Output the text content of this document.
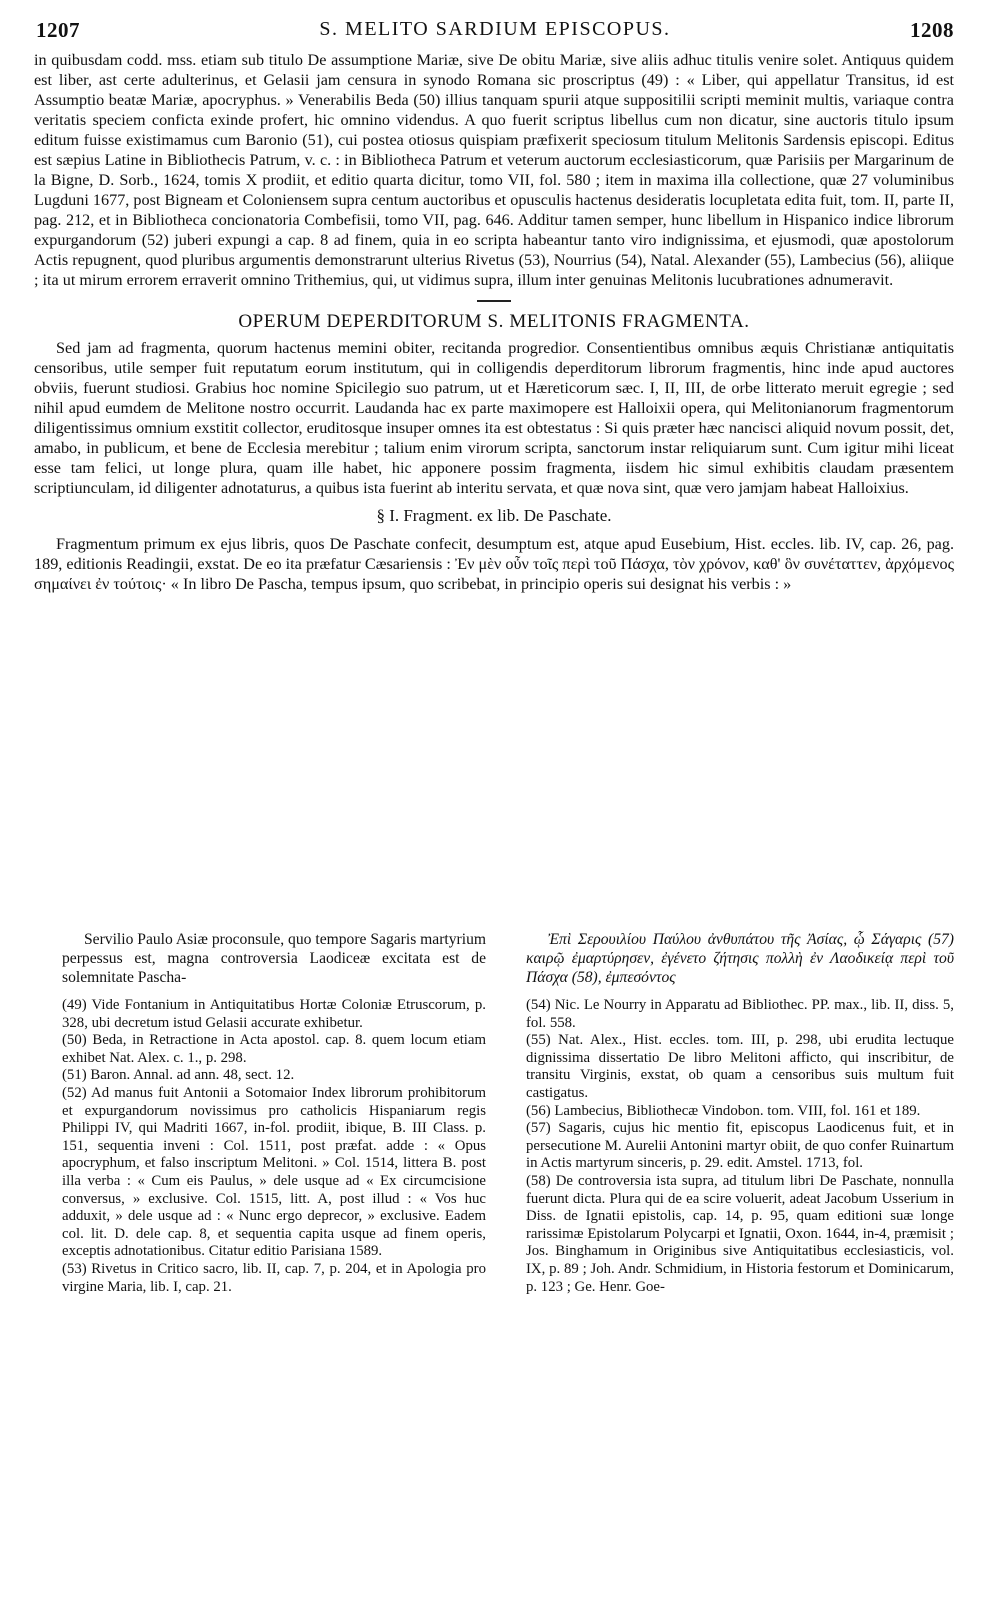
1207	S. MELITO SARDIUM EPISCOPUS.	1208

in quibusdam codd. mss. etiam sub titulo De assumptione Mariæ, sive De obitu Mariæ, sive aliis adhuc titulis venire solet. Antiquus quidem est liber, ast certe adulterinus, et Gelasii jam censura in synodo Romana sic proscriptus (49) : « Liber, qui appellatur Transitus, id est Assumptio beatæ Mariæ, apocryphus. » Venerabilis Beda (50) illius tanquam spurii atque suppositilii scripti meminit multis, variaque contra veritatis speciem conficta exinde profert, hic omnino videndus. A quo fuerit scriptus libellus cum non dicatur, sine auctoris titulo ipsum editum fuisse existimamus cum Baronio (51), cui postea otiosus quispiam præfixerit speciosum titulum Melitonis Sardensis episcopi. Editus est sæpius Latine in Bibliothecis Patrum, v. c. : in Bibliotheca Patrum et veterum auctorum ecclesiasticorum, quæ Parisiis per Margarinum de la Bigne, D. Sorb., 1624, tomis X prodiit, et editio quarta dicitur, tomo VII, fol. 580 ; item in maxima illa collectione, quæ 27 voluminibus Lugduni 1677, post Bigneam et Coloniensem supra centum auctoribus et opusculis hactenus desideratis locupletata edita fuit, tom. II, parte II, pag. 212, et in Bibliotheca concionatoria Combefisii, tomo VII, pag. 646. Additur tamen semper, hunc libellum in Hispanico indice librorum expurgandorum (52) juberi expungi a cap. 8 ad finem, quia in eo scripta habeantur tanto viro indignissima, et ejusmodi, quæ apostolorum Actis repugnent, quod pluribus argumentis demonstrarunt ulterius Rivetus (53), Nourrius (54), Natal. Alexander (55), Lambecius (56), aliique ; ita ut mirum errorem erraverit omnino Trithemius, qui, ut vidimus supra, illum inter genuinas Melitonis lucubrationes adnumeravit.

OPERUM DEPERDITORUM S. MELITONIS FRAGMENTA.

Sed jam ad fragmenta, quorum hactenus memini obiter, recitanda progredior. Consentientibus omnibus æquis Christianæ antiquitatis censoribus, utile semper fuit reputatum eorum institutum, qui in colligendis deperditorum librorum fragmentis, hinc inde apud auctores obviis, fuerunt studiosi. Grabius hoc nomine Spicilegio suo patrum, ut et Hæreticorum sæc. I, II, III, de orbe litterato meruit egregie ; sed nihil apud eumdem de Melitone nostro occurrit. Laudanda hac ex parte maximopere est Halloixii opera, qui Melitonianorum fragmentorum diligentissimus omnium exstitit collector, eruditosque insuper omnes ita est obtestatus : Si quis præter hæc nancisci aliquid novum possit, det, amabo, in publicum, et bene de Ecclesia merebitur ; talium enim virorum scripta, sanctorum instar reliquiarum sunt. Cum igitur mihi liceat esse tam felici, ut longe plura, quam ille habet, hic apponere possim fragmenta, iisdem hic simul exhibitis claudam præsentem scriptiunculam, id diligenter adnotaturus, a quibus ista fuerint ab interitu servata, et quæ nova sint, quæ vero jamjam habeat Halloixius.

§ I. Fragment. ex lib. De Paschate.

Fragmentum primum ex ejus libris, quos De Paschate confecit, desumptum est, atque apud Eusebium, Hist. eccles. lib. IV, cap. 26, pag. 189, editionis Readingii, exstat. De eo ita præfatur Cæsariensis : Ἐν μὲν οὖν τοῖς περὶ τοῦ Πάσχα, τὸν χρόνον, καθ' ὃν συνέταττεν, ἀρχόμενος σημαίνει ἐν τούτοις· « In libro De Pascha, tempus ipsum, quo scribebat, in principio operis sui designat his verbis : »

Servilio Paulo Asiæ proconsule, quo tempore Sagaris martyrium perpessus est, magna controversia Laodiceæ excitata est de solemnitate Pascha-

(49) Vide Fontanium in Antiquitatibus Hortæ Coloniæ Etruscorum, p. 328, ubi decretum istud Gelasii accurate exhibetur.

(50) Beda, in Retractione in Acta apostol. cap. 8. quem locum etiam exhibet Nat. Alex. c. 1., p. 298.

(51) Baron. Annal. ad ann. 48, sect. 12.

(52) Ad manus fuit Antonii a Sotomaior Index librorum prohibitorum et expurgandorum novissimus pro catholicis Hispaniarum regis Philippi IV, qui Madriti 1667, in-fol. prodiit, ibique, B. III Class. p. 151, sequentia inveni : Col. 1511, post præfat. adde : « Opus apocryphum, et falso inscriptum Melitoni. » Col. 1514, littera B. post illa verba : « Cum eis Paulus, » dele usque ad « Ex circumcisione conversus, » exclusive. Col. 1515, litt. A, post illud : « Vos huc adduxit, » dele usque ad : « Nunc ergo deprecor, » exclusive. Eadem col. lit. D. dele cap. 8, et sequentia capita usque ad finem operis, exceptis adnotationibus. Citatur editio Parisiana 1589.

(53) Rivetus in Critico sacro, lib. II, cap. 7, p. 204, et in Apologia pro virgine Maria, lib. I, cap. 21.

Ἐπὶ Σερουιλίου Παύλου ἀνθυπάτου τῆς Ἀσίας, ᾧ Σάγαρις (57) καιρῷ ἐμαρτύρησεν, ἐγένετο ζήτησις πολλὴ ἐν Λαοδικείᾳ περὶ τοῦ Πάσχα (58), ἐμπεσόντος

(54) Nic. Le Nourry in Apparatu ad Bibliothec. PP. max., lib. II, diss. 5, fol. 558.

(55) Nat. Alex., Hist. eccles. tom. III, p. 298, ubi erudita lectuque dignissima dissertatio De libro Melitoni afficto, qui inscribitur, de transitu Virginis, exstat, ob quam a censoribus suis multum fuit castigatus.

(56) Lambecius, Bibliothecæ Vindobon. tom. VIII, fol. 161 et 189.

(57) Sagaris, cujus hic mentio fit, episcopus Laodicenus fuit, et in persecutione M. Aurelii Antonini martyr obiit, de quo confer Ruinartum in Actis martyrum sinceris, p. 29. edit. Amstel. 1713, fol.

(58) De controversia ista supra, ad titulum libri De Paschate, nonnulla fuerunt dicta. Plura qui de ea scire voluerit, adeat Jacobum Usserium in Diss. de Ignatii epistolis, cap. 14, p. 95, quam editioni suæ longe rarissimæ Epistolarum Polycarpi et Ignatii, Oxon. 1644, in-4, præmisit ; Jos. Binghamum in Originibus sive Antiquitatibus ecclesiasticis, vol. IX, p. 89 ; Joh. Andr. Schmidium, in Historia festorum et Dominicarum, p. 123 ; Ge. Henr. Goe-
